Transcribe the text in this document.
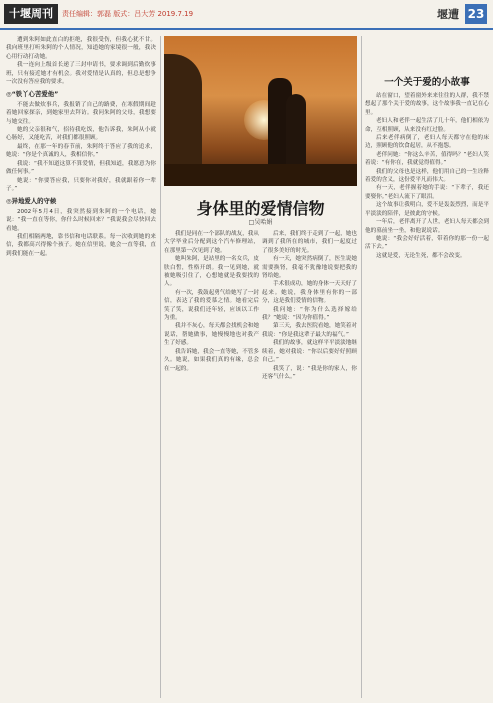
十堰周刊	责任编辑：郭磊 版式：吕大芳 2019.7.19	堰遭 23

遭到朱阿如此直白的拒绝，我很受伤，但我心犹不甘。我向班里打听朱阿的个人情况，知道她的家境很一般，我决心用行动打动她。

我一连向上级首长递了三封申请书，要求调到后勤炊事班，只有接近她才有机会。我对爱情是认真的，但总是想争一次没有答应我的要求。

◎“铁丫心苦爱他”

不能去做炊事兵，我报销了自己的路费，在寒假期间趁着她回家探亲，到她家里去拜访。我问朱阿的父母，我想要与她交往。

她的父亲很和气，招待我吃饭，他告诉我，朱阿从小就心肠好，又能吃苦，对我们都很照顾。

最终，在那一年的春节前，朱阿终于答应了我的追求，她说：“你是个真诚的人，我相信你。”

我说：“我不知道这算不算爱情，但我知道，我愿意为你做任何事。”

她说：“你要答应我，只要你对我好，我就跟着你一辈子。”

◎异地爱人的守候

2002年5月4日，我突然接到朱阿的一个电话，她说：“我一直在等你，你什么时候回来？”我说我会尽快回去看她。

我们相隔两地，靠书信和电话联系。每一次收到她的来信，我都高兴得像个孩子。她在信里说，她会一直等我，直到我们能在一起。

身体里的爱情信物
□吴哈娟

我们是同在一个部队的战友，我从大学毕业后分配到这个汽车修理站，在那里第一次见到了她。

她叫朱阿，是站里的一名女兵，皮肤白皙，性格开朗。我一见到她，就被她吸引住了，心想她就是我要找的人。

有一次，我鼓起勇气给她写了一封信，表达了我的爱慕之情。她看完后笑了笑，说我们还年轻，应该以工作为重。

我并不灰心，每天都会找机会和她说话，帮她做事，她慢慢地也对我产生了好感。

我告诉她，我会一直等她，不管多久。她说，如果我们真的有缘，总会在一起的。

后来，我们终于走到了一起，她也调到了我所在的城市，我们一起度过了很多美好的时光。

有一天，她突然病倒了，医生说她需要换肾，我毫不犹豫地说要把我的肾给她。

手术很成功，她的身体一天天好了起来。她说，我身体里有你的一部分，这是我们爱情的信物。

我问她：“你为什么选择嫁给我？”她说：“因为你值得。”

第三天，我去医院看她，她笑着对我说：“你是我这辈子最大的福气。”

我们的故事，就这样平平淡淡地继续着，她对我说：“你以后要好好照顾自己。”

我笑了，说：“我是你的家人，你还客气什么。”

一个关于爱的小故事

站在窗口，望着窗外来来往往的人群，我不禁想起了那个关于爱的故事，这个故事我一直记在心里。

老妇人和老伴一起生活了几十年，他们相依为命，互相照顾，从来没有红过脸。

后来老伴病倒了，老妇人每天都守在他的床边，照顾他的饮食起居，从不抱怨。

老伴问她：“你这么辛苦，值得吗？”老妇人笑着说：“有你在，我就觉得值得。”

我们的父母也是这样，他们用自己的一生诠释着爱的含义，这份爱平凡而伟大。

有一天，老伴握着她的手说：“下辈子，我还要娶你。”老妇人流下了眼泪。

这个故事让我明白，爱不是轰轰烈烈，而是平平淡淡的陪伴，是彼此的守候。

一年后，老伴离开了人世，老妇人每天都会到他的墓前坐一坐，和他说说话。

她说：“我会好好活着，带着你的那一份一起活下去。”

这就是爱，无论生死，都不会改变。
